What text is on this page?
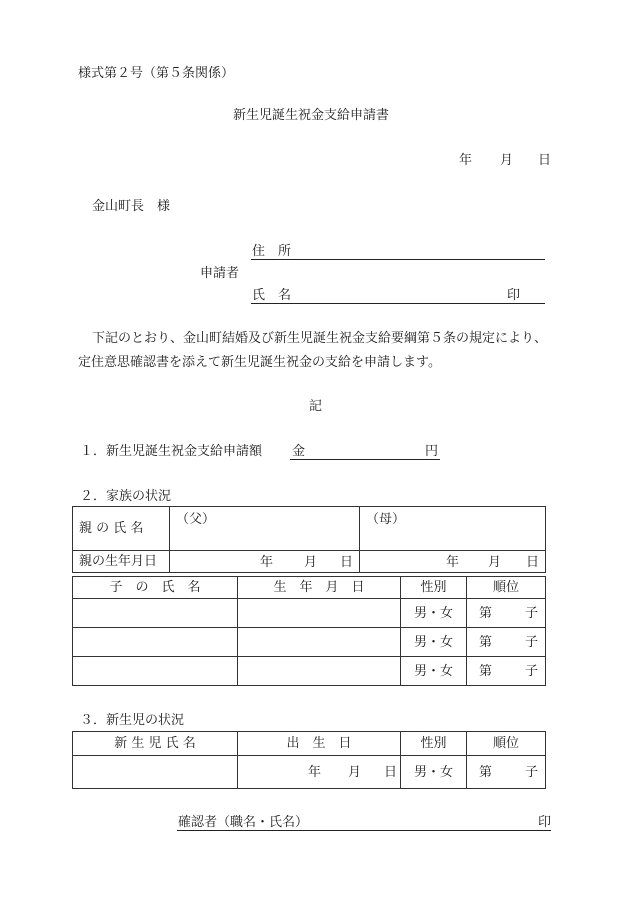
様式第２号（第５条関係）
新生児誕生祝金支給申請書
年 月 日
金山町長　様
住　所
申請者
氏　名	印
下記のとおり、金山町結婚及び新生児誕生祝金支給要綱第５条の規定により、
定住意思確認書を添えて新生児誕生祝金の支給を申請します。
記
１．新生児誕生祝金支給申請額 金	円
２．家族の状況
親 の 氏 名	（父）	（母）
親の生年月日	年 月 日	年 月 日
子　の　氏　名	生　年　月　日	性別	順位
		男・女	第 子

		男・女	第 子

		男・女	第 子
３．新生児の状況
新 生 児 氏 名	出　生　日	性別	順位

	年 月 日	男・女	第 子
確認者（職名・氏名）	印
